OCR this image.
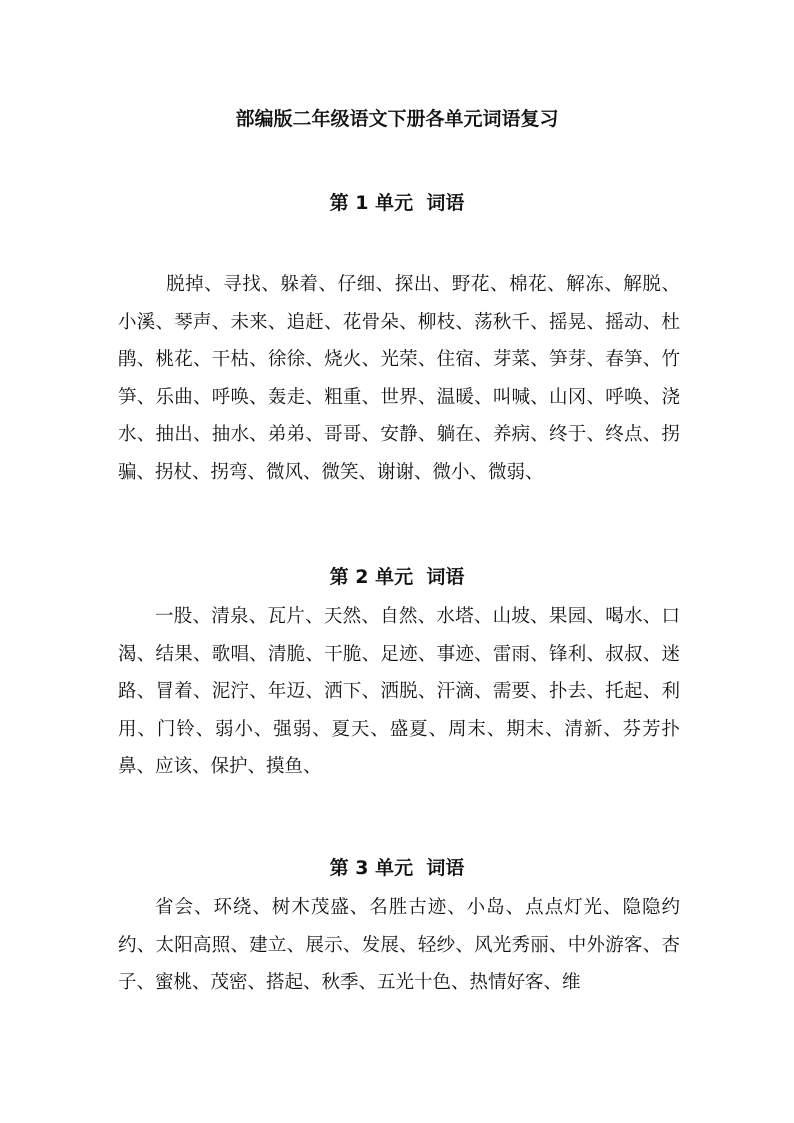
部编版二年级语文下册各单元词语复习
第 1 单元  词语

脱掉、寻找、躲着、仔细、探出、野花、棉花、解冻、解脱、小溪、琴声、未来、追赶、花骨朵、柳枝、荡秋千、摇晃、摇动、杜鹃、桃花、干枯、徐徐、烧火、光荣、住宿、芽菜、笋芽、春笋、竹笋、乐曲、呼唤、轰走、粗重、世界、温暖、叫喊、山冈、呼唤、浇水、抽出、抽水、弟弟、哥哥、安静、躺在、养病、终于、终点、拐骗、拐杖、拐弯、微风、微笑、谢谢、微小、微弱、

第 2 单元  词语

一股、清泉、瓦片、天然、自然、水塔、山坡、果园、喝水、口渴、结果、歌唱、清脆、干脆、足迹、事迹、雷雨、锋利、叔叔、迷路、冒着、泥泞、年迈、洒下、洒脱、汗滴、需要、扑去、托起、利用、门铃、弱小、强弱、夏天、盛夏、周末、期末、清新、芬芳扑鼻、应该、保护、摸鱼、

第 3 单元  词语

省会、环绕、树木茂盛、名胜古迹、小岛、点点灯光、隐隐约约、太阳高照、建立、展示、发展、轻纱、风光秀丽、中外游客、杏子、蜜桃、茂密、搭起、秋季、五光十色、热情好客、维
